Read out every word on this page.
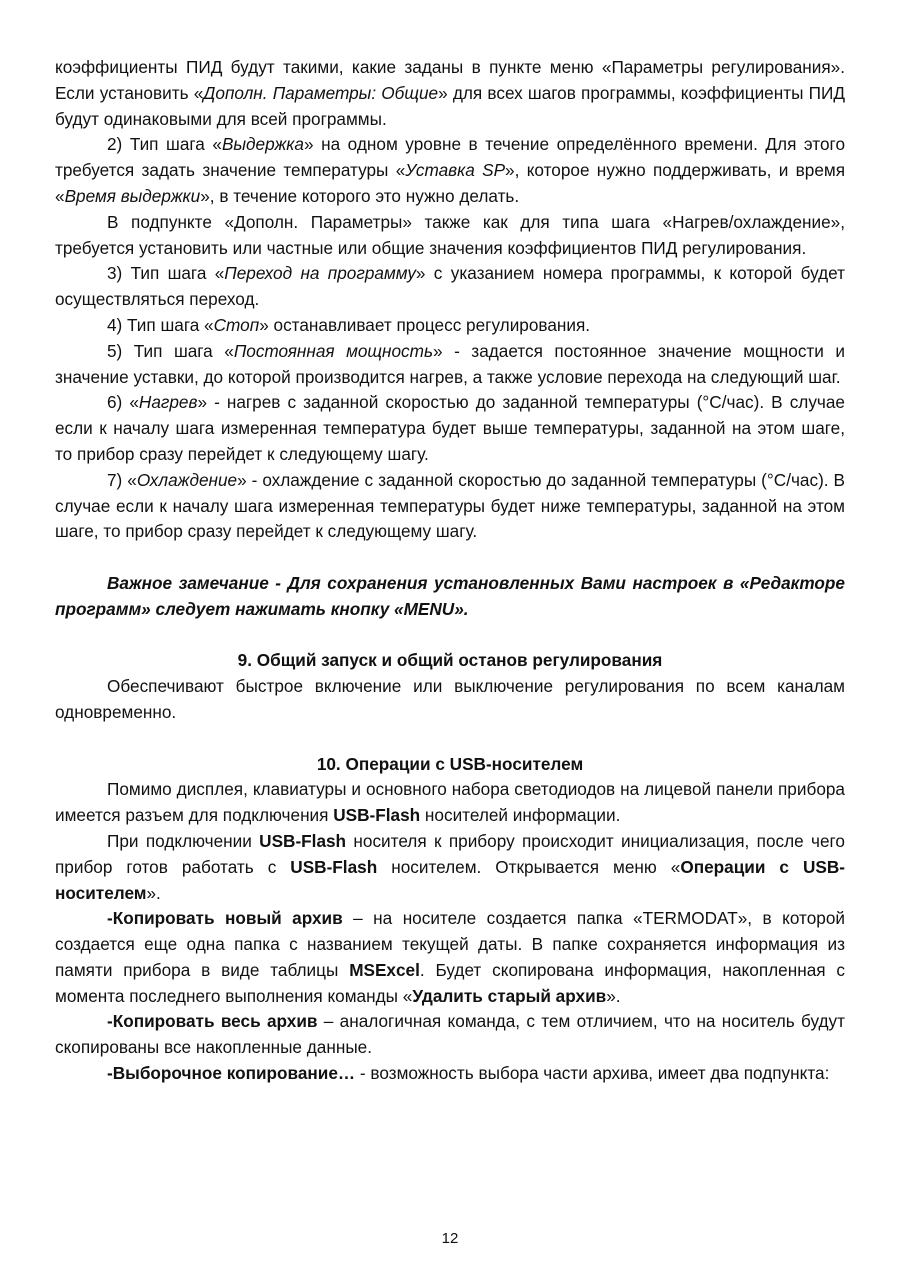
коэффициенты ПИД будут такими, какие заданы в пункте меню «Параметры регулирования». Если установить «Дополн. Параметры: Общие» для всех шагов программы, коэффициенты ПИД будут одинаковыми для всей программы.

2) Тип шага «Выдержка» на одном уровне в течение определённого времени. Для этого требуется задать значение температуры «Уставка SP», которое нужно поддерживать, и время «Время выдержки», в течение которого это нужно делать.

В подпункте «Дополн. Параметры» также как для типа шага «Нагрев/охлаждение», требуется установить или частные или общие значения коэффициентов ПИД регулирования.

3) Тип шага «Переход на программу» с указанием номера программы, к которой будет осуществляться переход.

4) Тип шага «Стоп» останавливает процесс регулирования.

5) Тип шага «Постоянная мощность» - задается постоянное значение мощности и значение уставки, до которой производится нагрев, а также условие перехода на следующий шаг.

6) «Нагрев» - нагрев с заданной скоростью до заданной температуры (°С/час). В случае если к началу шага измеренная температура будет выше температуры, заданной на этом шаге, то прибор сразу перейдет к следующему шагу.

7) «Охлаждение» - охлаждение с заданной скоростью до заданной температуры (°С/час). В случае если к началу шага измеренная температуры будет ниже температуры, заданной на этом шаге, то прибор сразу перейдет к следующему шагу.

Важное замечание - Для сохранения установленных Вами настроек в «Редакторе программ» следует нажимать кнопку «MENU».

9. Общий запуск и общий останов регулирования

Обеспечивают быстрое включение или выключение регулирования по всем каналам одновременно.

10. Операции с USB-носителем

Помимо дисплея, клавиатуры и основного набора светодиодов на лицевой панели прибора имеется разъем для подключения USB-Flash носителей информации.

При подключении USB-Flash носителя к прибору происходит инициализация, после чего прибор готов работать с USB-Flash носителем. Открывается меню «Операции с USB-носителем».

-Копировать новый архив – на носителе создается папка «TERMODAT», в которой создается еще одна папка с названием текущей даты. В папке сохраняется информация из памяти прибора в виде таблицы MSExcel. Будет скопирована информация, накопленная с момента последнего выполнения команды «Удалить старый архив».

-Копировать весь архив – аналогичная команда, с тем отличием, что на носитель будут скопированы все накопленные данные.

-Выборочное копирование… - возможность выбора части архива, имеет два подпункта:

12
